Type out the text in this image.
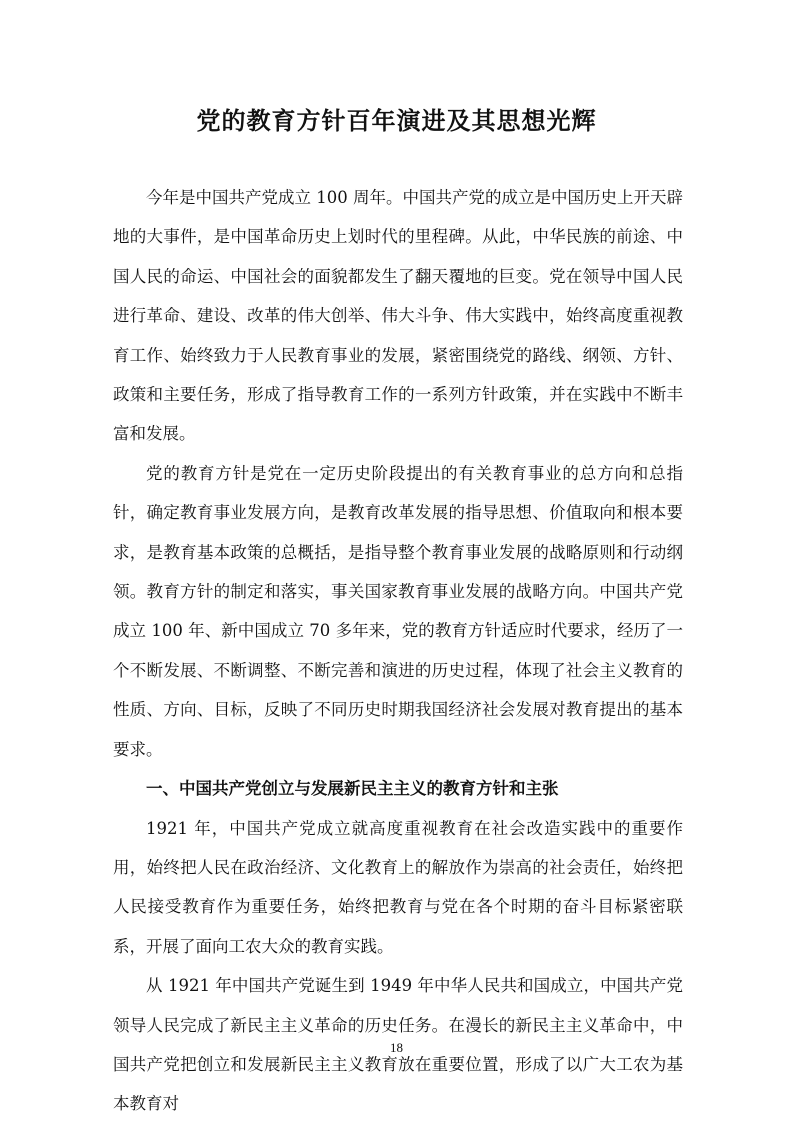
党的教育方针百年演进及其思想光辉

今年是中国共产党成立 100 周年。中国共产党的成立是中国历史上开天辟地的大事件，是中国革命历史上划时代的里程碑。从此，中华民族的前途、中国人民的命运、中国社会的面貌都发生了翻天覆地的巨变。党在领导中国人民进行革命、建设、改革的伟大创举、伟大斗争、伟大实践中，始终高度重视教育工作、始终致力于人民教育事业的发展，紧密围绕党的路线、纲领、方针、政策和主要任务，形成了指导教育工作的一系列方针政策，并在实践中不断丰富和发展。

党的教育方针是党在一定历史阶段提出的有关教育事业的总方向和总指针，确定教育事业发展方向，是教育改革发展的指导思想、价值取向和根本要求，是教育基本政策的总概括，是指导整个教育事业发展的战略原则和行动纲领。教育方针的制定和落实，事关国家教育事业发展的战略方向。中国共产党成立 100 年、新中国成立 70 多年来，党的教育方针适应时代要求，经历了一个不断发展、不断调整、不断完善和演进的历史过程，体现了社会主义教育的性质、方向、目标，反映了不同历史时期我国经济社会发展对教育提出的基本要求。

一、中国共产党创立与发展新民主主义的教育方针和主张

1921 年，中国共产党成立就高度重视教育在社会改造实践中的重要作用，始终把人民在政治经济、文化教育上的解放作为崇高的社会责任，始终把人民接受教育作为重要任务，始终把教育与党在各个时期的奋斗目标紧密联系，开展了面向工农大众的教育实践。

从 1921 年中国共产党诞生到 1949 年中华人民共和国成立，中国共产党领导人民完成了新民主主义革命的历史任务。在漫长的新民主主义革命中，中国共产党把创立和发展新民主主义教育放在重要位置，形成了以广大工农为基本教育对

18
